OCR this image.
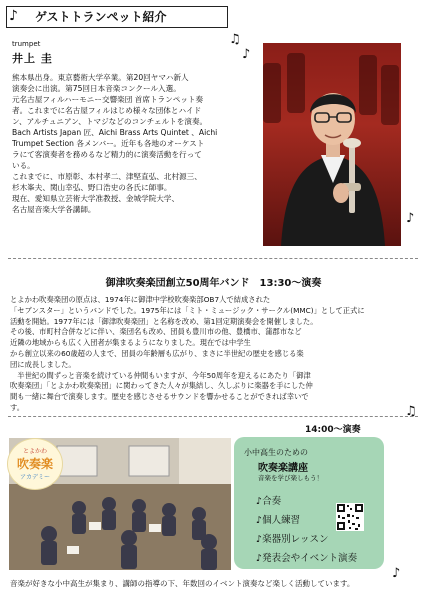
ゲストトランペット紹介
♪
♫
♪
♪
♫
♪
trumpet
井上 圭
熊本県出身。東京藝術大学卒業。第20回ヤマハ新人
演奏会に出演。第75回日本音楽コンクール入選。
元名古屋フィルハーモニー交響楽団 首席トランペット奏
者。これまでに名古屋フィルはじめ様々な団体とハイド
ン、アルチュニアン、トマジなどのコンチェルトを演奏。
Bach Artists Japan 匠、Aichi Brass Arts Quintet 、Aichi
Trumpet Section 各メンバー。近年も各地のオーケスト
ラにて客演奏者を務めるなど精力的に演奏活動を行って
いる。
これまでに、市原彰、本村孝二、津堅直弘、北村源三、
杉木峯夫、関山幸弘、野口浩史の各氏に師事。
現在、愛知県立芸術大学准教授、金城学院大学、
名古屋音楽大学各講師。
御津吹奏楽団創立50周年バンド　13:30～演奏
とよかわ吹奏楽団の原点は、1974年に御津中学校吹奏楽部OB7人で結成された
「セブンスター」というバンドでした。1975年には「ミト・ミュージック・サークル(MMC)」として正式に
活動を開始。1977年には「御津吹奏楽団」と名称を改め、第1回定期演奏会を開催しました。
その後、市町村合併などに伴い、楽団名も改め、団員も豊川市の他、豊橋市、蒲郡市など
近隣の地域からも広く入団者が集まるようになりました。現在では中学生
から創立以来の60歳超の人まで、団員の年齢層も広がり、まさに半世紀の歴史を感じる楽
団に成長しました。
　半世紀の間ずっと音楽を続けている仲間もいますが、今年50周年を迎えるにあたり「御津
吹奏楽団」「とよかわ吹奏楽団」に関わってきた人々が集結し、久しぶりに楽器を手にした仲
間も一緒に舞台で演奏します。歴史を感じさせるサウンドを響かせることができれば幸いで
す。
14:00～演奏
とよかわ
吹奏楽
アカデミー
小中高生のための
吹奏楽講座
音楽を学び楽しもう！
♪合奏
♪個人練習
♪楽器別レッスン
♪発表会やイベント演奏
音楽が好きな小中高生が集まり、講師の指導の下、年数回のイベント演奏など楽しく活動しています。
